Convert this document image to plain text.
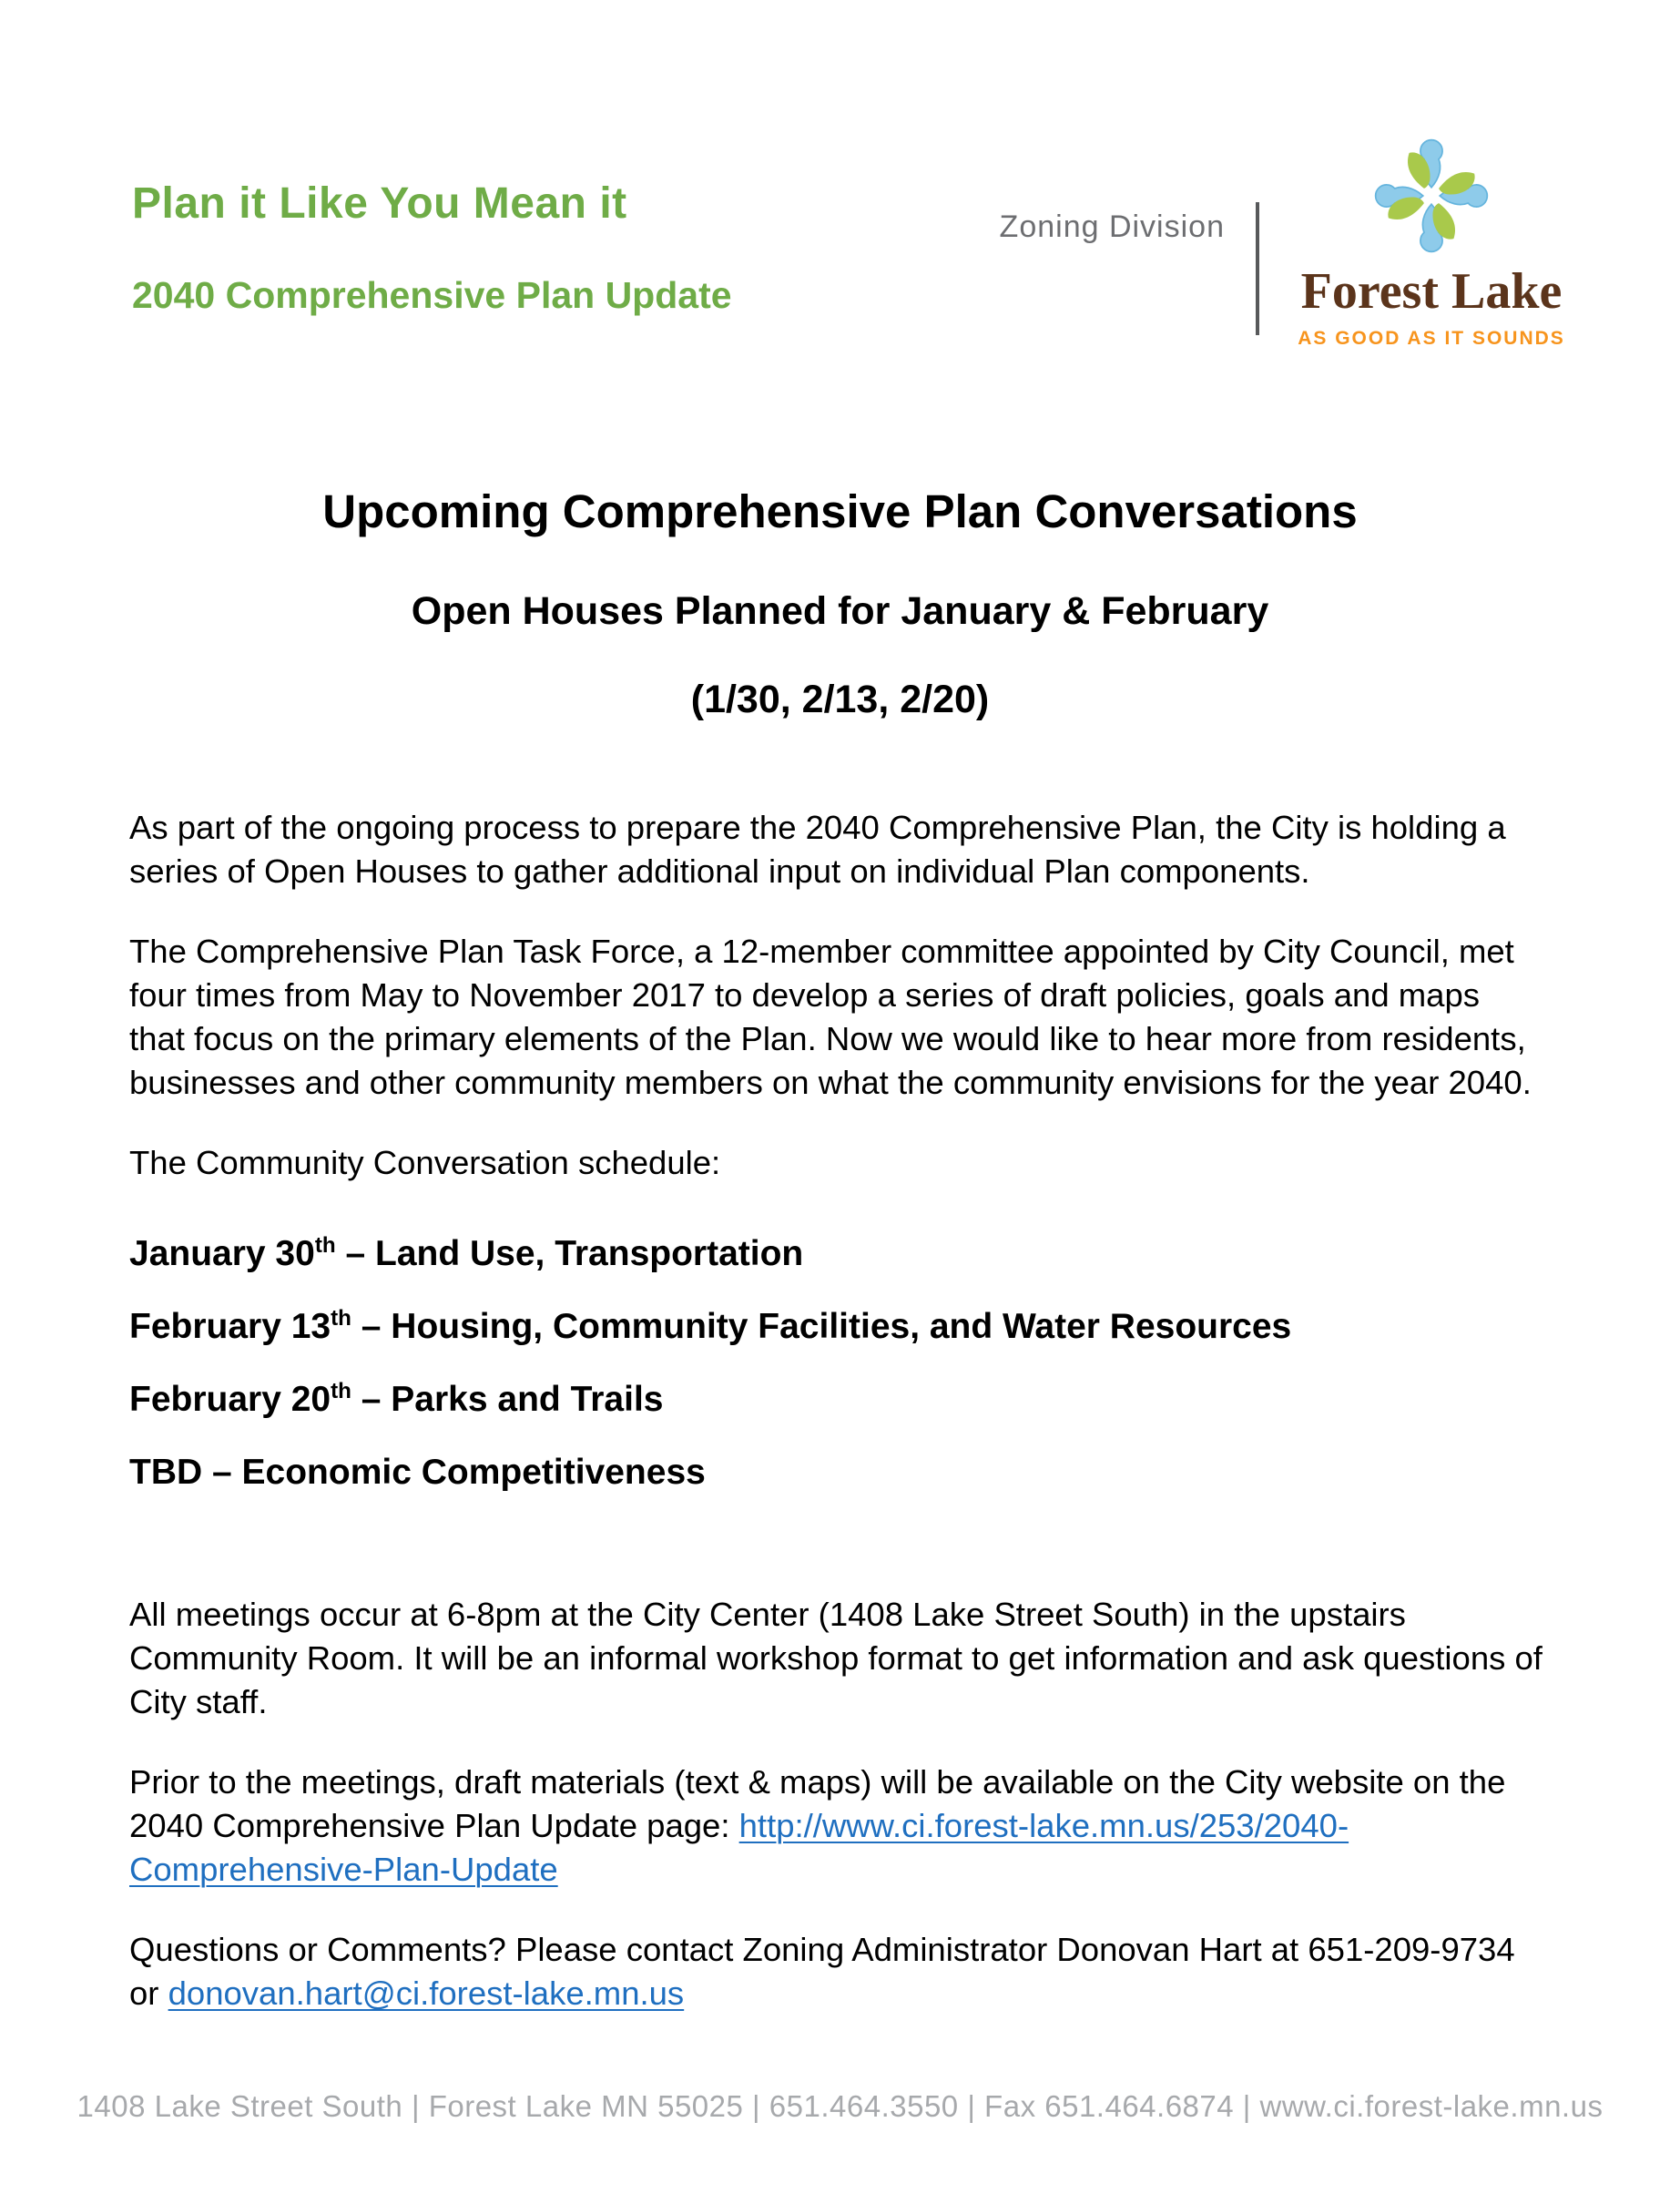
Plan it Like You Mean it
2040 Comprehensive Plan Update
Zoning Division
Forest Lake
AS GOOD AS IT SOUNDS
Upcoming Comprehensive Plan Conversations
Open Houses Planned for January & February
(1/30, 2/13, 2/20)

As part of the ongoing process to prepare the 2040 Comprehensive Plan, the City is holding a series of Open Houses to gather additional input on individual Plan components.

The Comprehensive Plan Task Force, a 12-member committee appointed by City Council, met four times from May to November 2017 to develop a series of draft policies, goals and maps that focus on the primary elements of the Plan. Now we would like to hear more from residents, businesses and other community members on what the community envisions for the year 2040.

The Community Conversation schedule:

January 30th – Land Use, Transportation

February 13th – Housing, Community Facilities, and Water Resources

February 20th – Parks and Trails

TBD – Economic Competitiveness

All meetings occur at 6-8pm at the City Center (1408 Lake Street South) in the upstairs Community Room. It will be an informal workshop format to get information and ask questions of City staff.

Prior to the meetings, draft materials (text & maps) will be available on the City website on the 2040 Comprehensive Plan Update page: http://www.ci.forest-lake.mn.us/253/2040-Comprehensive-Plan-Update

Questions or Comments? Please contact Zoning Administrator Donovan Hart at 651-209-9734 or donovan.hart@ci.forest-lake.mn.us

1408 Lake Street South | Forest Lake MN 55025 | 651.464.3550 | Fax 651.464.6874 | www.ci.forest-lake.mn.us
